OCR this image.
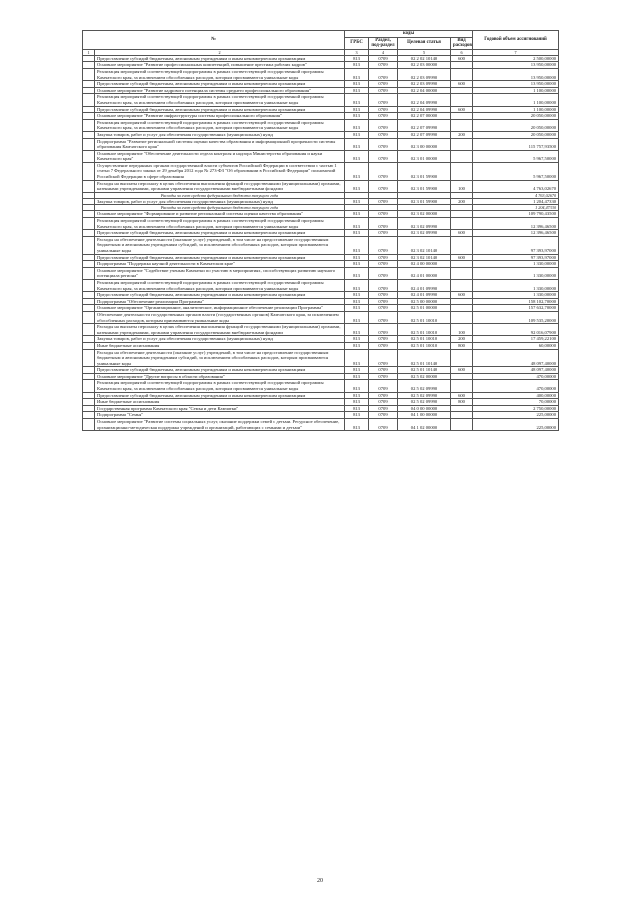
№		коды				Годовой объем ассигнований
		ГРБС	Раздел, под-раздел	Целевая статья	Вид расходов	
1	2	3	4	5	6	7
	Предоставление субсидий бюджетным, автономным учреждениям и иным некоммерческим организациям	813	0709	02 2 02 10140	600	2 500,00000
	Основное мероприятие "Развитие профессиональных компетенций, повышение престижа рабочих кадров"	813	0709	02 2 03 00000		13 950,00000
	Реализация мероприятий соответствующей подпрограммы в рамках соответствующей государственной программы Камчатского края, за исключением обособленных расходов, которым присваиваются уникальные коды	813	0709	02 2 03 09990		13 950,00000
	Предоставление субсидий бюджетным, автономным учреждениям и иным некоммерческим организациям	813	0709	02 2 03 09990	600	13 950,00000
	Основное мероприятие "Развитие кадрового потенциала системы среднего профессионального образования"	813	0709	02 2 04 00000		1 100,00000
	Реализация мероприятий соответствующей подпрограммы в рамках соответствующей государственной программы Камчатского края, за исключением обособленных расходов, которым присваиваются уникальные коды	813	0709	02 2 04 09990		1 100,00000
	Предоставление субсидий бюджетным, автономным учреждениям и иным некоммерческим организациям	813	0709	02 2 04 09990	600	1 100,00000
	Основное мероприятие "Развитие инфраструктуры системы профессионального образования"	813	0709	02 2 07 00000		20 050,00000
	Реализация мероприятий соответствующей подпрограммы в рамках соответствующей государственной программы Камчатского края, за исключением обособленных расходов, которым присваиваются уникальные коды	813	0709	02 2 07 09990		20 050,00000
	Закупка товаров, работ и услуг для обеспечения государственных (муниципальных) нужд	813	0709	02 2 07 09990	200	20 050,00000
	Подпрограмма "Развитие региональной системы оценки качества образования и информационной прозрачности системы образования Камчатского края"	813	0709	02 3 00 00000		115 757,93500
	Основное мероприятие "Обеспечение деятельности отдела контроля и надзора Министерства образования и науки Камчатского края"	813	0709	02 3 01 00000		5 967,50000
	Осуществление переданных органам государственной власти субъектов Российской Федерации в соответствии с частью 1 статьи 7 Федерального закона от 29 декабря 2012 года № 273-ФЗ "Об образовании в Российской Федерации" полномочий Российской Федерации в сфере образования	813	0709	02 3 01 59900		5 967,50000
	Расходы на выплаты персоналу в целях обеспечения выполнения функций государственными (муниципальными) органами, казенными учреждениями, органами управления государственными внебюджетными фондами	813	0709	02 3 01 59900	100	4 763,02670
	Расходы за счет средств федерального бюджета текущего года					4 763,02670
	Закупка товаров, работ и услуг для обеспечения государственных (муниципальных) нужд	813	0709	02 3 01 59900	200	1 204,47330
	Расходы за счет средств федерального бюджета текущего года					1 204,47330
	Основное мероприятие "Формирование и развитие региональной системы оценки качества образования"	813	0709	02 3 02 00000		109 790,43500
	Реализация мероприятий соответствующей подпрограммы в рамках соответствующей государственной программы Камчатского края, за исключением обособленных расходов, которым присваиваются уникальные коды	813	0709	02 3 02 09990		12 396,46500
	Предоставление субсидий бюджетным, автономным учреждениям и иным некоммерческим организациям	813	0709	02 3 02 09990	600	12 396,46500
	Расходы на обеспечение деятельности (оказание услуг) учреждений, в том числе на предоставление государственным бюджетным и автономным учреждениям субсидий, за исключением обособленных расходов, которым присваиваются уникальные коды	813	0709	02 3 02 10140		97 393,97000
	Предоставление субсидий бюджетным, автономным учреждениям и иным некоммерческим организациям	813	0709	02 3 02 10140	600	97 393,97000
	Подпрограмма "Поддержка научной деятельности в Камчатском крае"	813	0709	02 4 00 00000		1 330,00000
	Основное мероприятие "Содействие ученым Камчатки по участию в мероприятиях, способствующих развитию научного потенциала региона"	813	0709	02 4 01 00000		1 330,00000
	Реализация мероприятий соответствующей подпрограммы в рамках соответствующей государственной программы Камчатского края, за исключением обособленных расходов, которым присваиваются уникальные коды	813	0709	02 4 01 09990		1 330,00000
	Предоставление субсидий бюджетным, автономным учреждениям и иным некоммерческим организациям	813	0709	02 4 01 09990	600	1 330,00000
	Подпрограмма "Обеспечение реализации Программы"	813	0709	02 5 00 00000		158 102,70000
	Основное мероприятие "Организационное, аналитическое, информационное обеспечение реализации Программы"	813	0709	02 5 01 00000		157 632,70000
	Обеспечение деятельности государственных органов власти (государственных органов) Камчатского края, за исключением обособленных расходов, которым присваиваются уникальные коды	813	0709	02 5 01 10010		109 535,20000
	Расходы на выплаты персоналу в целях обеспечения выполнения функций государственными (муниципальными) органами, казенными учреждениями, органами управления государственными внебюджетными фондами	813	0709	02 5 01 10010	100	92 016,07900
	Закупка товаров, работ и услуг для обеспечения государственных (муниципальных) нужд	813	0709	02 5 01 10010	200	17 459,22100
	Иные бюджетные ассигнования	813	0709	02 5 01 10010	800	60,00000
	Расходы на обеспечение деятельности (оказание услуг) учреждений, в том числе на предоставление государственным бюджетным и автономным учреждениям субсидий, за исключением обособленных расходов, которым присваиваются уникальные коды	813	0709	02 5 01 10140		48 097,40000
	Предоставление субсидий бюджетным, автономным учреждениям и иным некоммерческим организациям	813	0709	02 5 01 10140	600	48 097,40000
	Основное мероприятие "Другие вопросы в области образования"	813	0709	02 5 02 00000		470,00000
	Реализация мероприятий соответствующей подпрограммы в рамках соответствующей государственной программы Камчатского края, за исключением обособленных расходов, которым присваиваются уникальные коды	813	0709	02 5 02 09990		470,00000
	Предоставление субсидий бюджетным, автономным учреждениям и иным некоммерческим организациям	813	0709	02 5 02 09990	600	400,00000
	Иные бюджетные ассигнования	813	0709	02 5 02 09990	800	70,00000
	Государственная программа Камчатского края "Семья и дети Камчатки"	813	0709	04 0 00 00000		2 750,00000
	Подпрограмма "Семья"	813	0709	04 1 00 00000		225,00000
	Основное мероприятие "Развитие системы социальных услуг, оказание поддержки семей с детьми. Ресурсное обеспечение, организационно-методическая поддержка учреждений и организаций, работающих с семьями и детьми"	813	0709	04 1 02 00000		225,00000
20
